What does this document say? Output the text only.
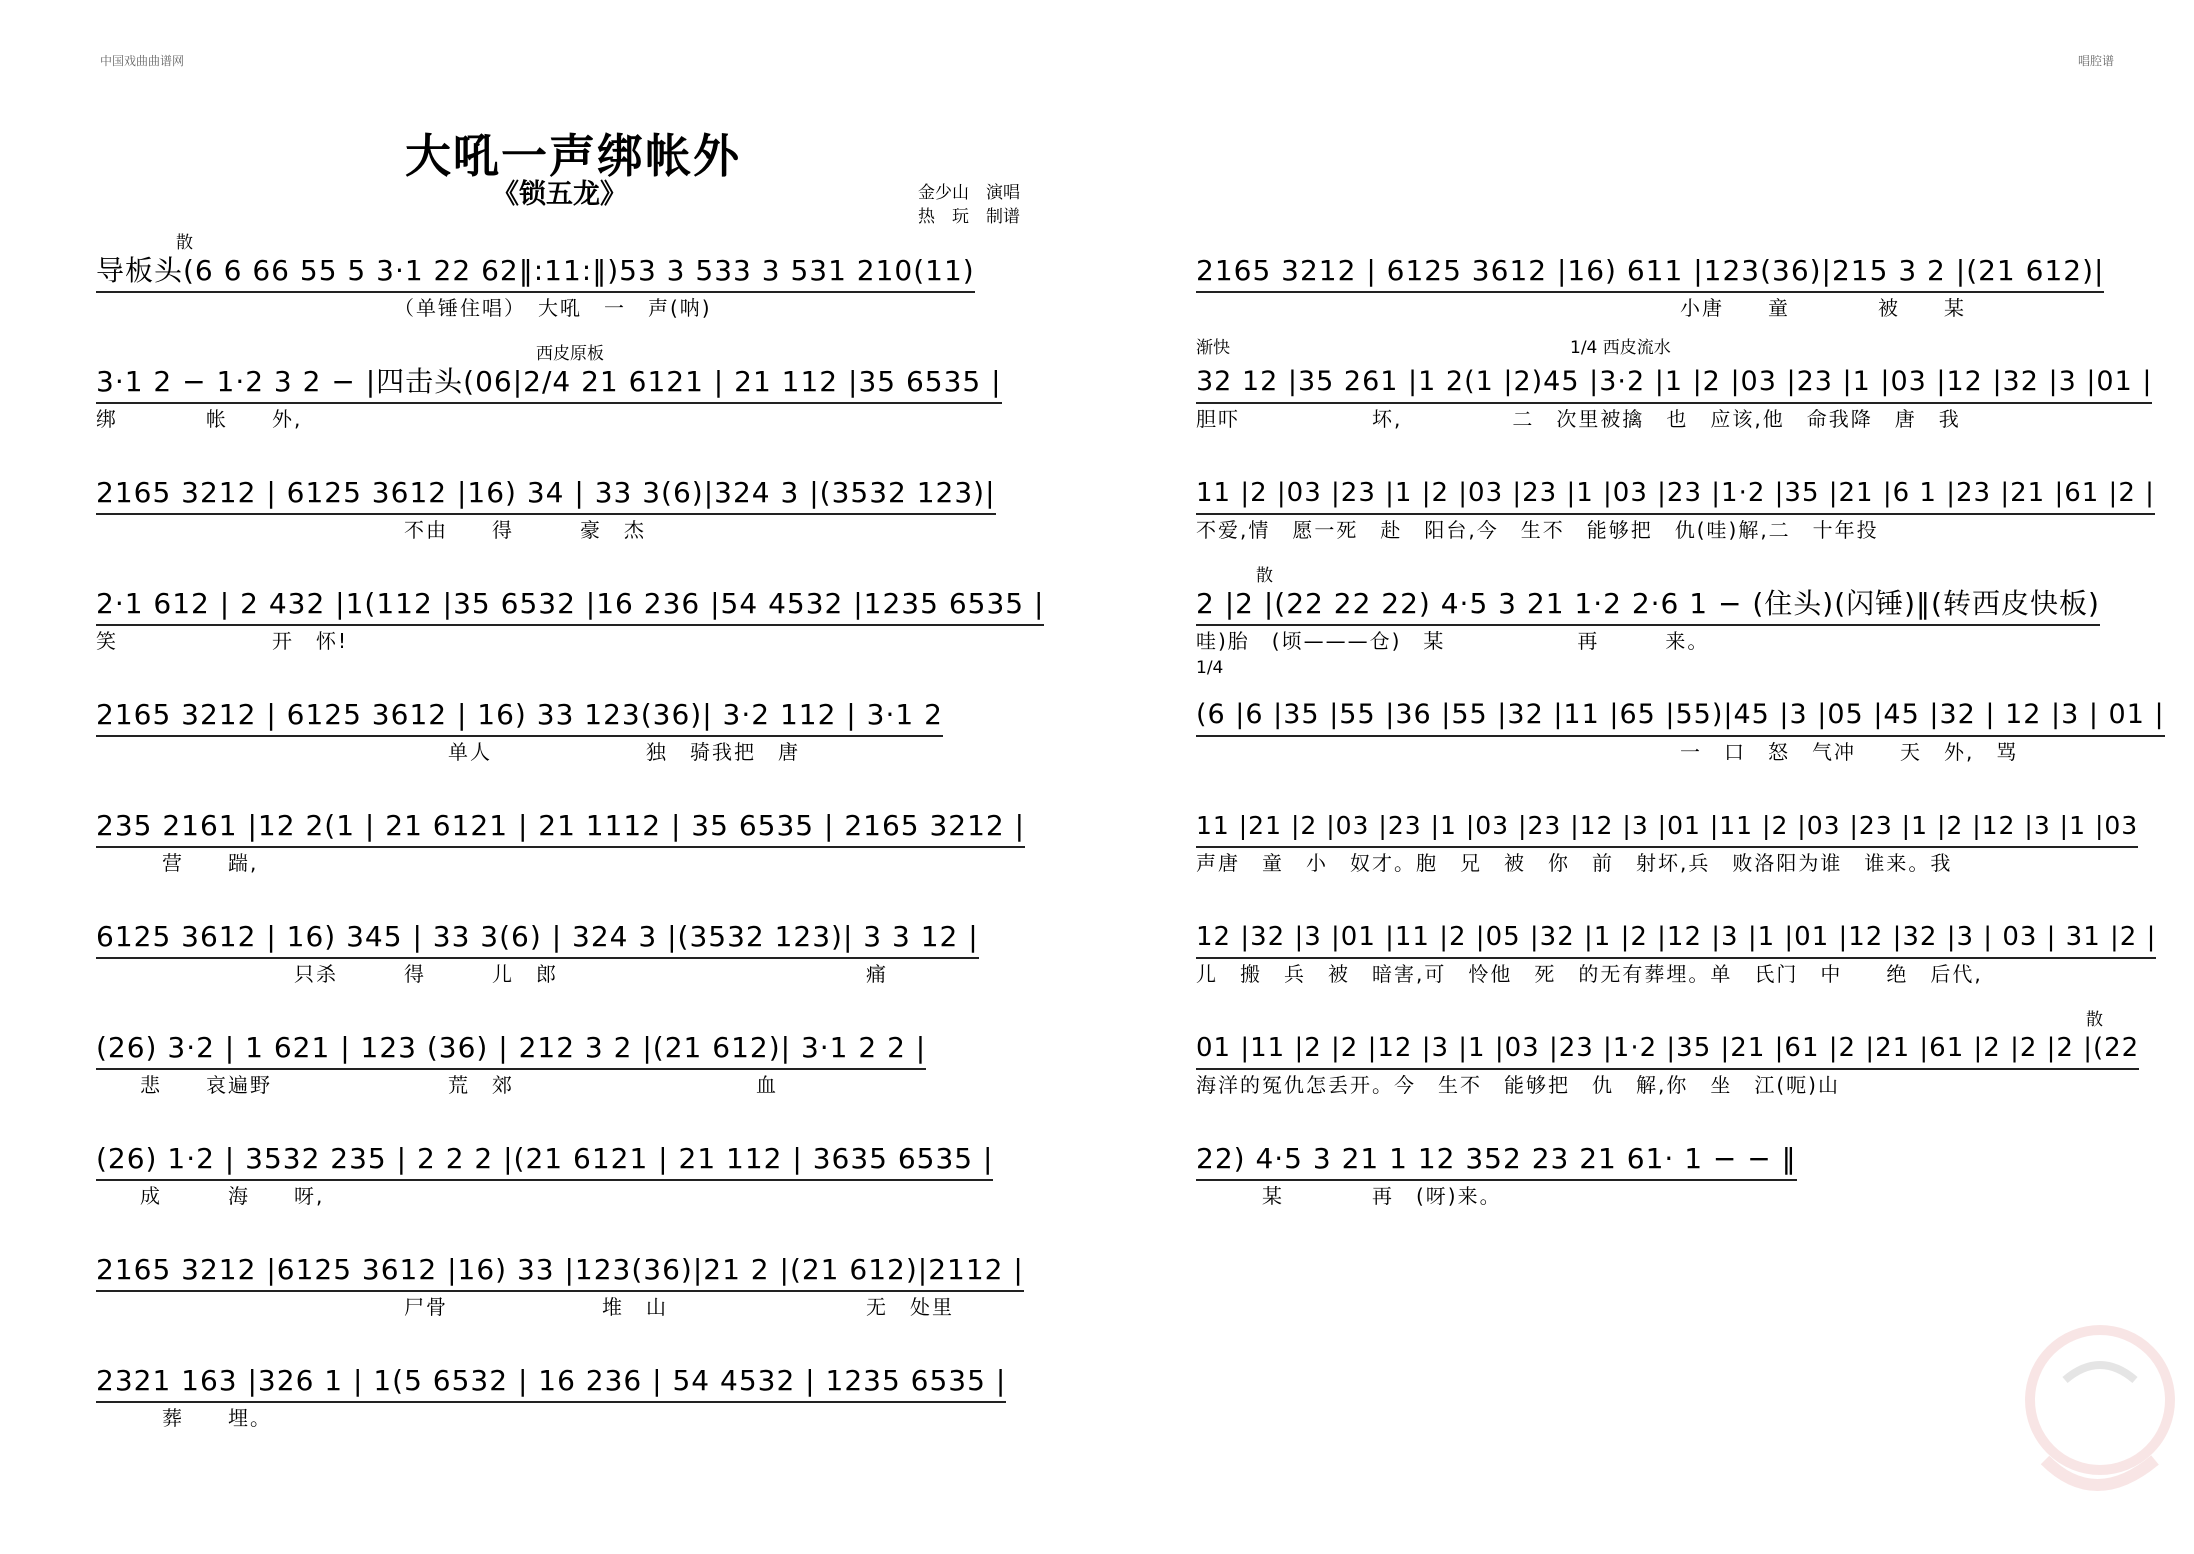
中国戏曲曲谱网	唱腔谱
大吼一声绑帐外
《锁五龙》	金少山　演唱
热　玩　制谱
散
导板头(6 6 66 55 5 3·1 22 62‖:11:‖)53 3 533 3 531 210(11)
　　　　　　　　　　　　　　（单锤住唱）　大吼　一　声(呐)
西皮原板
3·1 2 − 1·2 3 2 − |四击头(06|2/4 21 6121 | 21 112 |35 6535 |
绑　　　　帐　　外,
2165 3212 | 6125 3612 |16) 34 | 33 3(6)|324 3 |(3532 123)|
　　　　　　　　　　　　　　不由　　得　　　豪　杰
2·1 612 | 2 432 |1(112 |35 6532 |16 236 |54 4532 |1235 6535 |
笑　　　　　　　开　怀!
2165 3212 | 6125 3612 | 16) 33 123(36)| 3·2 112 | 3·1 2
　　　　　　　　　　　　　　　　单人　　　　　　　独　骑我把　唐
235 2161 |12 2(1 | 21 6121 | 21 1112 | 35 6535 | 2165 3212 |
　　　营　　踹,
6125 3612 | 16) 345 | 33 3(6) | 324 3 |(3532 123)| 3 3 12 |
　　　　　　　　　只杀　　　得　　　儿　郎　　　　　　　　　　　　　　痛
(26) 3·2 | 1 621 | 123 (36) | 212 3 2 |(21 612)| 3·1 2 2 |
　　悲　　哀遍野　　　　　　　　荒　郊　　　　　　　　　　　血
(26) 1·2 | 3532 235 | 2 2 2 |(21 6121 | 21 112 | 3635 6535 |
　　成　　　海　　呀,
2165 3212 |6125 3612 |16) 33 |123(36)|21 2 |(21 612)|2112 |
　　　　　　　　　　　　　　尸骨　　　　　　　堆　山　　　　　　　　　无　处里
2321 163 |326 1 | 1(5 6532 | 16 236 | 54 4532 | 1235 6535 |
　　　葬　　埋。
2165 3212 | 6125 3612 |16) 611 |123(36)|215 3 2 |(21 612)|
　　　　　　　　　　　　　　　　　　　　　　小唐　　童　　　　被　　某
渐快　　　　　　　　　　　　　　　　　　　　1/4 西皮流水
32 12 |35 261 |1 2(1 |2)45 |3·2 |1 |2 |03 |23 |1 |03 |12 |32 |3 |01 |
胆吓　　　　　　坏,　　　　　二　次里被擒　也　应该,他　命我降　唐　我
11 |2 |03 |23 |1 |2 |03 |23 |1 |03 |23 |1·2 |35 |21 |6 1 |23 |21 |61 |2 |
不爱,情　愿一死　赴　阳台,今　生不　能够把　仇(哇)解,二　十年投
散
2 |2 |(22 22 22) 4·5 3 21 1·2 2·6 1 − (住头)(闪锤)‖(转西皮快板)
哇)胎　(顷———仓)　某　　　　　　再　　　来。
1/4
(6 |6 |35 |55 |36 |55 |32 |11 |65 |55)|45 |3 |05 |45 |32 | 12 |3 | 01 |
　　　　　　　　　　　　　　　　　　　　　　一　口　怒　气冲　　天　外,　骂
11 |21 |2 |03 |23 |1 |03 |23 |12 |3 |01 |11 |2 |03 |23 |1 |2 |12 |3 |1 |03
声唐　童　小　奴才。胞　兄　被　你　前　射坏,兵　败洛阳为谁　谁来。我
12 |32 |3 |01 |11 |2 |05 |32 |1 |2 |12 |3 |1 |01 |12 |32 |3 | 03 | 31 |2 |
儿　搬　兵　被　暗害,可　怜他　死　的无有葬埋。单　氏门　中　　绝　后代,
散
01 |11 |2 |2 |12 |3 |1 |03 |23 |1·2 |35 |21 |61 |2 |21 |61 |2 |2 |2 |(22
海洋的冤仇怎丢开。今　生不　能够把　仇　解,你　坐　江(呃)山
22) 4·5 3 21 1 12 352 23 21 61· 1 − − ‖
　　　某　　　　再　(呀)来。
